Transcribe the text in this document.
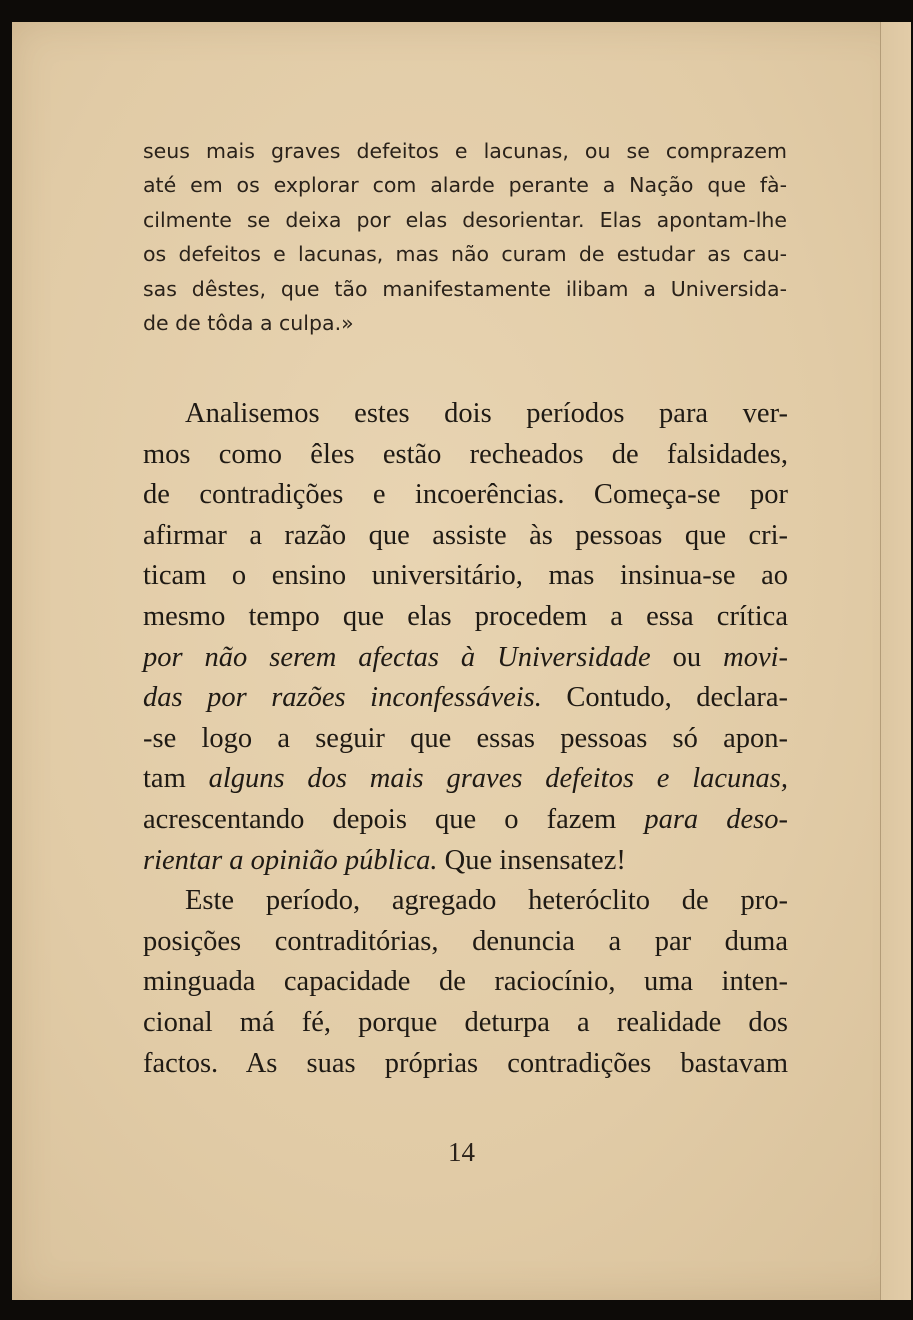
seus mais graves defeitos e lacunas, ou se comprazem
até em os explorar com alarde perante a Nação que fà-
cilmente se deixa por elas desorientar. Elas apontam-lhe
os defeitos e lacunas, mas não curam de estudar as cau-
sas dêstes, que tão manifestamente ilibam a Universida-
de de tôda a culpa.»
Analisemos estes dois períodos para ver-
mos como êles estão recheados de falsidades,
de contradições e incoerências. Começa-se por
afirmar a razão que assiste às pessoas que cri-
ticam o ensino universitário, mas insinua-se ao
mesmo tempo que elas procedem a essa crítica
por não serem afectas à Universidade ou movi-
das por razões inconfessáveis. Contudo, declara-
-se logo a seguir que essas pessoas só apon-
tam alguns dos mais graves defeitos e lacunas,
acrescentando depois que o fazem para deso-
rientar a opinião pública. Que insensatez!
Este período, agregado heteróclito de pro-
posições contraditórias, denuncia a par duma
minguada capacidade de raciocínio, uma inten-
cional má fé, porque deturpa a realidade dos
factos. As suas próprias contradições bastavam
14
